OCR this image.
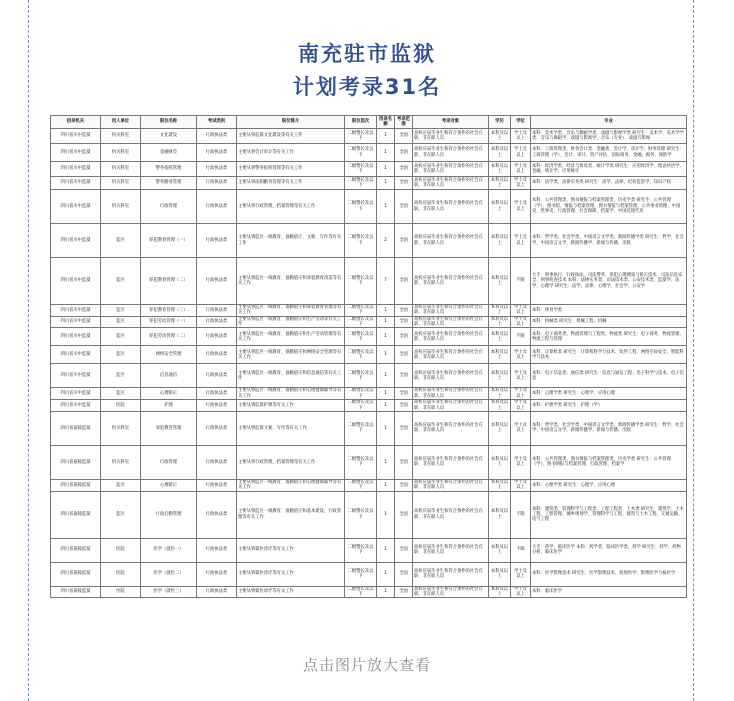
南充驻市监狱
计划考录31名
招录机关	用人单位	职位名称	考试类别	职位简介	职位层次	招录名额	考录范围	考录对象	学历	学位	专业
四川省川中监狱	机关科室	文化建设	行政执法类	主要从事监狱文化建设等有关工作	二级警长及以下	1	全国	高校应届毕业生和符合条件的社会在职、非在职人员	本科及以上	学士及以上	本科：美术学类、音乐与舞蹈学类、戏剧与影视学类 研究生：美术学、美术学学类、音乐与舞蹈学、戏剧与影视学、音乐（专业）、戏剧与影视
四川省川中监狱	机关科室	金融财会	行政执法类	主要从事会计审计等有关工作	二级警长及以下	1	全国	高校应届毕业生和符合条件的社会在职、非在职人员	本科及以上	学士及以上	本科：工商管理类、财务会计类、金融类、会计学、审计学、财务管理 研究生：工商管理（学）、会计、审计、资产评估、国际商务、金融、税务、保险学
四川省川中监狱	机关科室	警务指挥管理	行政执法类	主要从事警务指挥管理等有关工作	二级警长及以下	1	全国	高校应届毕业生和符合条件的社会在职、非在职人员	本科及以上	学士及以上	本科：经济学类、经济与贸易类、统计学类 研究生：应用经济学、理论经济学、金融、统计学、应用统计
四川省川中监狱	机关科室	警务勤务管理	行政执法类	主要从事法制勤务管理等有关工作	二级警长及以下	1	全国	高校应届毕业生和符合条件的社会在职、非在职人员	本科及以上	学士及以上	本科：法学类、法律实务类 研究生：法学、法律、纪检监察学、知识产权
四川省川中监狱	机关科室	行政管理	行政执法类	主要从事行政管理、档案管理等有关工作	二级警长及以下	1	全国	高校应届毕业生和符合条件的社会在职、非在职人员	本科及以上	学士及以上	本科：公共管理类、图书情报与档案管理类、历史学类 研究生：公共管理（学）、图书馆、情报与档案管理、图书情报与档案管理、公共事业管理、中国史、世界史、行政管理、社会保障、档案学、中国近现代史
四川省川中监狱	监区	罪犯教育管理（一）	行政执法类	主要从事监区一线教育、备勤值守、文秘、写作等有关工作	二级警长及以下	2	全国	高校应届毕业生和符合条件的社会在职、非在职人员	本科及以上	学士及以上	本科：哲学类、社会学类、中国语言文学类、新闻传播学类 研究生：哲学、社会学、中国语言文学、新闻传播学、新闻与传播、出版
四川省川中监狱	监区	罪犯教育管理（二）	行政执法类	主要从事监区一线教育、备勤值守和罪犯教育改造等有关工作	二级警长及以下	7	全国	高校应届毕业生和符合条件的社会在职、非在职人员	本科及以上	不限	大专：刑事执行、行政执法、司法警务、罪犯心理测量与矫正技术、司法信息安全、刑事侦查技术 本科：法律实务类、司法技术类、公安技术类、监狱学、法学、心理学 研究生：法学、法律、心理学、社会学、公安学
四川省川中监狱	监区	罪犯教育管理（三）	行政执法类	主要从事监区一线教育、备勤值守和罪犯教育管理等有关工作	二级警长及以下	1	全国	高校应届毕业生和符合条件的社会在职、非在职人员	本科及以上	学士及以上	本科：体育学类
四川省川中监狱	监区	罪犯劳动管理（一）	行政执法类	主要从事监区一线教育、备勤值守和生产劳动等有关工作	二级警长及以下	1	全国	高校应届毕业生和符合条件的社会在职、非在职人员	本科及以上	学士及以上	本科：机械类 研究生：机械工程、机械
四川省川中监狱	监区	罪犯劳动管理（二）	行政执法类	主要从事监区一线教育、备勤值守和生产劳动管理等有关工作	二级警长及以下	1	全国	高校应届毕业生和符合条件的社会在职、非在职人员	本科及以上	不限	本科：电子商务类、物流管理与工程类、物流类 研究生：电子商务、物流管理、物流工程与管理
四川省川中监狱	监区	网络安全管理	行政执法类	主要从事监区一线教育、备勤值守和网络安全管理等有关工作	二级警长及以下	1	全国	高校应届毕业生和符合条件的社会在职、非在职人员	本科及以上	学士及以上	本科：计算机类 研究生：计算机科学与技术、软件工程、网络空间安全、智能科学与技术
四川省川中监狱	监区	信息通信	行政执法类	主要从事监区一线教育、备勤值守和信息通信等有关工作	二级警长及以下	1	全国	高校应届毕业生和符合条件的社会在职、非在职人员	本科及以上	学士及以上	本科：电子信息类、通信类 研究生：信息与通信工程、电子科学与技术、电子信息
四川省川中监狱	监区	心理矫正	行政执法类	主要从事监区一线教育、备勤值守和心理健康辅导等有关工作	二级警长及以下	1	全国	高校应届毕业生和符合条件的社会在职、非在职人员	本科及以上	学士及以上	本科：心理学类 研究生：心理学、应用心理
四川省川中监狱	医院	护理	行政执法类	主要从事监狱护理等有关工作	二级警长及以下	1	全国	高校应届毕业生和符合条件的社会在职、非在职人员	本科及以上	学士及以上	本科：护理学类 研究生：护理（学）
四川省嘉陵监狱	机关科室	罪犯教育管理	行政执法类	主要从事监狱文秘、写作等有关工作	二级警长及以下	1	全国	高校应届毕业生和符合条件的社会在职、非在职人员	本科及以上	学士及以上	本科：哲学类、社会学类、中国语言文学类、新闻传播学类 研究生：哲学、社会学、中国语言文学、新闻传播学、新闻与传播、出版
四川省嘉陵监狱	机关科室	行政管理	行政执法类	主要从事行政管理、档案管理等有关工作	二级警长及以下	1	全国	高校应届毕业生和符合条件的社会在职、非在职人员	本科及以上	学士及以上	本科：公共管理类、图书情报与档案管理类、历史学类 研究生：公共管理（学）、图书情报与档案管理、行政管理、档案学
四川省嘉陵监狱	监区	心理矫正	行政执法类	主要从事监区一线教育、备勤值守和心理健康辅导等有关工作	二级警长及以下	1	全国	高校应届毕业生和符合条件的社会在职、非在职人员	本科及以上	学士及以上	本科：心理学类 研究生：心理学、应用心理
四川省嘉陵监狱	监区	行政后勤管理	行政执法类	主要从事监区一线教育、备勤值守和基本建设、行政管理等有关工作	二级警长及以下	1	全国	高校应届毕业生和符合条件的社会在职、非在职人员	本科及以上	不限	本科：建筑类、管理科学与工程类、工程工程类、土木类 研究生：建筑学、土木工程、工程管理、城乡规划学、管理科学与工程、建筑与土木工程、交通运输、电气工程
四川省嘉陵监狱	医院	医学（就医一）	行政执法类	主要从事狱医诊疗等有关工作	二级警长及以下	1	全国	高校应届毕业生和符合条件的社会在职、非在职人员	本科及以上	不限	大专：药学、临床医学 本科：药学类、临床医学类、药学 研究生：药学、药物分析、临床医学
四川省嘉陵监狱	医院	医学（就医二）	行政执法类	主要从事狱医诊疗等有关工作	二级警长及以下	1	全国	高校应届毕业生和符合条件的社会在职、非在职人员	本科及以上	学士及以上	本科：医学影像技术 研究生：医学影像技术、放射医学、影像医学与核医学
四川省嘉陵监狱	医院	医学（就医三）	行政执法类	主要从事狱医诊疗等有关工作	二级警长及以下	1	全国	高校应届毕业生和符合条件的社会在职、非在职人员	本科及以上	学士及以上	本科：临床医学
点击图片放大查看
